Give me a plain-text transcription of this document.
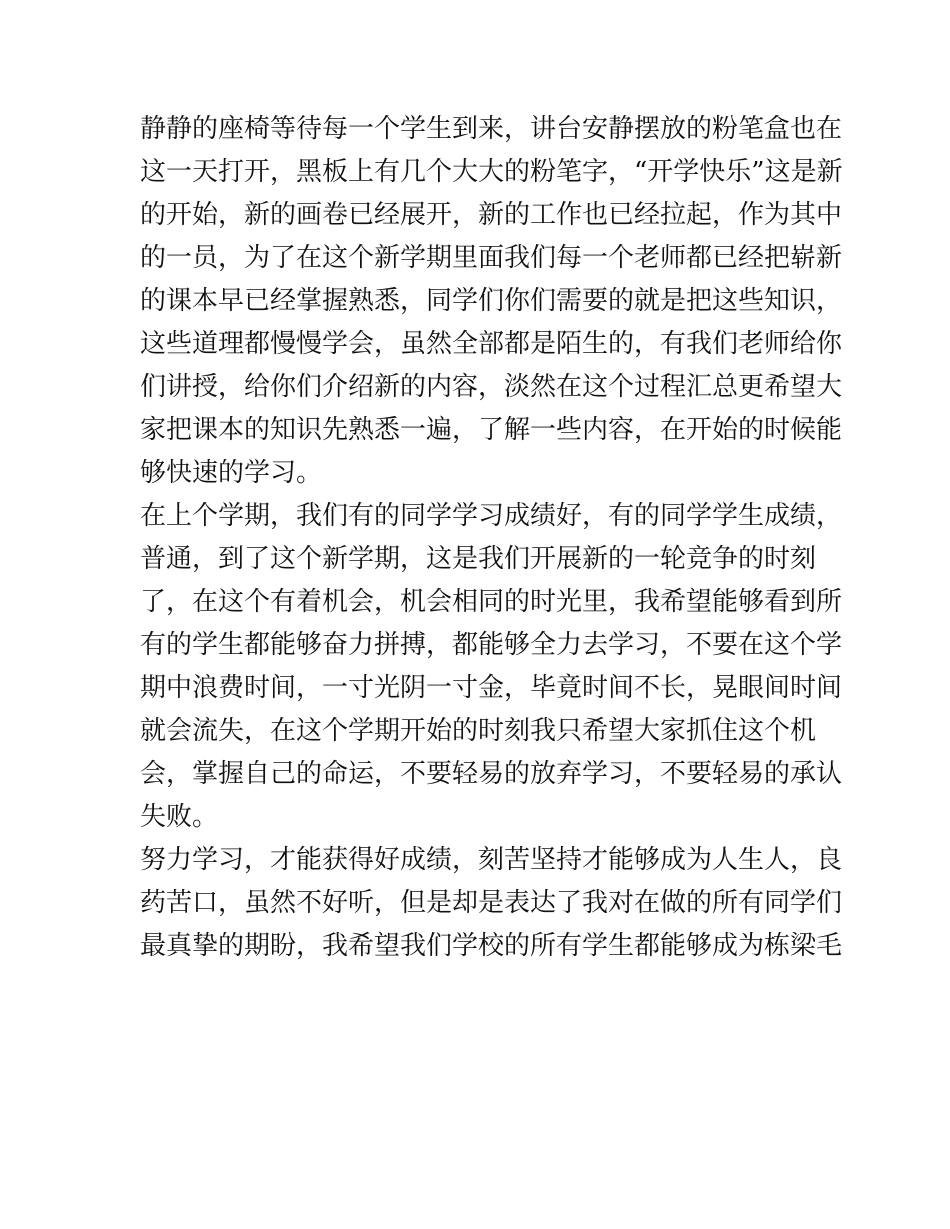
静静的座椅等待每一个学生到来，讲台安静摆放的粉笔盒也在
这一天打开，黑板上有几个大大的粉笔字，“开学快乐”这是新
的开始，新的画卷已经展开，新的工作也已经拉起，作为其中
的一员，为了在这个新学期里面我们每一个老师都已经把崭新
的课本早已经掌握熟悉，同学们你们需要的就是把这些知识，
这些道理都慢慢学会，虽然全部都是陌生的，有我们老师给你
们讲授，给你们介绍新的内容，淡然在这个过程汇总更希望大
家把课本的知识先熟悉一遍，了解一些内容，在开始的时候能
够快速的学习。
在上个学期，我们有的同学学习成绩好，有的同学学生成绩，
普通，到了这个新学期，这是我们开展新的一轮竞争的时刻
了，在这个有着机会，机会相同的时光里，我希望能够看到所
有的学生都能够奋力拼搏，都能够全力去学习，不要在这个学
期中浪费时间，一寸光阴一寸金，毕竟时间不长，晃眼间时间
就会流失，在这个学期开始的时刻我只希望大家抓住这个机
会，掌握自己的命运，不要轻易的放弃学习，不要轻易的承认
失败。
努力学习，才能获得好成绩，刻苦坚持才能够成为人生人，良
药苦口，虽然不好听，但是却是表达了我对在做的所有同学们
最真挚的期盼，我希望我们学校的所有学生都能够成为栋梁毛
